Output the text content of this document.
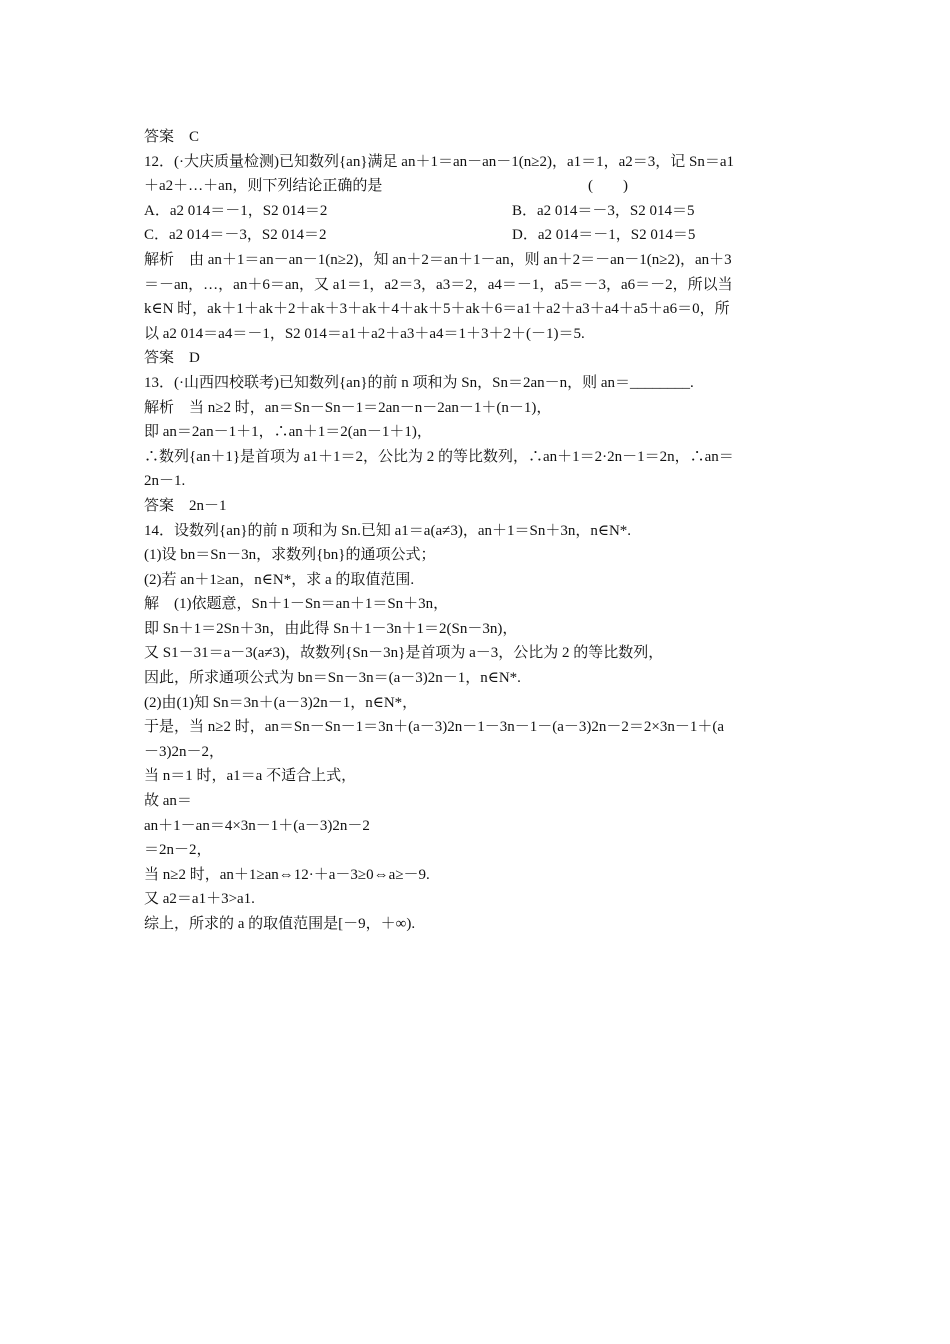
答案　C
12．(·大庆质量检测)已知数列{an}满足 an＋1＝an－an－1(n≥2)，a1＝1，a2＝3，记 Sn＝a1
＋a2＋…＋an，则下列结论正确的是	(　　)
A．a2 014＝－1，S2 014＝2	B．a2 014＝－3，S2 014＝5
C．a2 014＝－3，S2 014＝2	D．a2 014＝－1，S2 014＝5
解析　由 an＋1＝an－an－1(n≥2)，知 an＋2＝an＋1－an，则 an＋2＝－an－1(n≥2)，an＋3
＝－an，…，an＋6＝an，又 a1＝1，a2＝3，a3＝2，a4＝－1，a5＝－3，a6＝－2，所以当
k∈N 时，ak＋1＋ak＋2＋ak＋3＋ak＋4＋ak＋5＋ak＋6＝a1＋a2＋a3＋a4＋a5＋a6＝0，所
以 a2 014＝a4＝－1，S2 014＝a1＋a2＋a3＋a4＝1＋3＋2＋(－1)＝5.
答案　D
13．(·山西四校联考)已知数列{an}的前 n 项和为 Sn，Sn＝2an－n，则 an＝________.
解析　当 n≥2 时，an＝Sn－Sn－1＝2an－n－2an－1＋(n－1)，
即 an＝2an－1＋1，∴an＋1＝2(an－1＋1)，
∴数列{an＋1}是首项为 a1＋1＝2，公比为 2 的等比数列，∴an＋1＝2·2n－1＝2n，∴an＝
2n－1.
答案　2n－1
14．设数列{an}的前 n 项和为 Sn.已知 a1＝a(a≠3)，an＋1＝Sn＋3n，n∈N*.
(1)设 bn＝Sn－3n，求数列{bn}的通项公式；
(2)若 an＋1≥an，n∈N*，求 a 的取值范围.
解　(1)依题意，Sn＋1－Sn＝an＋1＝Sn＋3n，
即 Sn＋1＝2Sn＋3n，由此得 Sn＋1－3n＋1＝2(Sn－3n)，
又 S1－31＝a－3(a≠3)，故数列{Sn－3n}是首项为 a－3，公比为 2 的等比数列，
因此，所求通项公式为 bn＝Sn－3n＝(a－3)2n－1，n∈N*.
(2)由(1)知 Sn＝3n＋(a－3)2n－1，n∈N*，
于是，当 n≥2 时，an＝Sn－Sn－1＝3n＋(a－3)2n－1－3n－1－(a－3)2n－2＝2×3n－1＋(a
－3)2n－2，
当 n＝1 时，a1＝a 不适合上式，
故 an＝
an＋1－an＝4×3n－1＋(a－3)2n－2
＝2n－2，
当 n≥2 时，an＋1≥an⇔12·＋a－3≥0⇔a≥－9.
又 a2＝a1＋3>a1.
综上，所求的 a 的取值范围是[－9，＋∞).
